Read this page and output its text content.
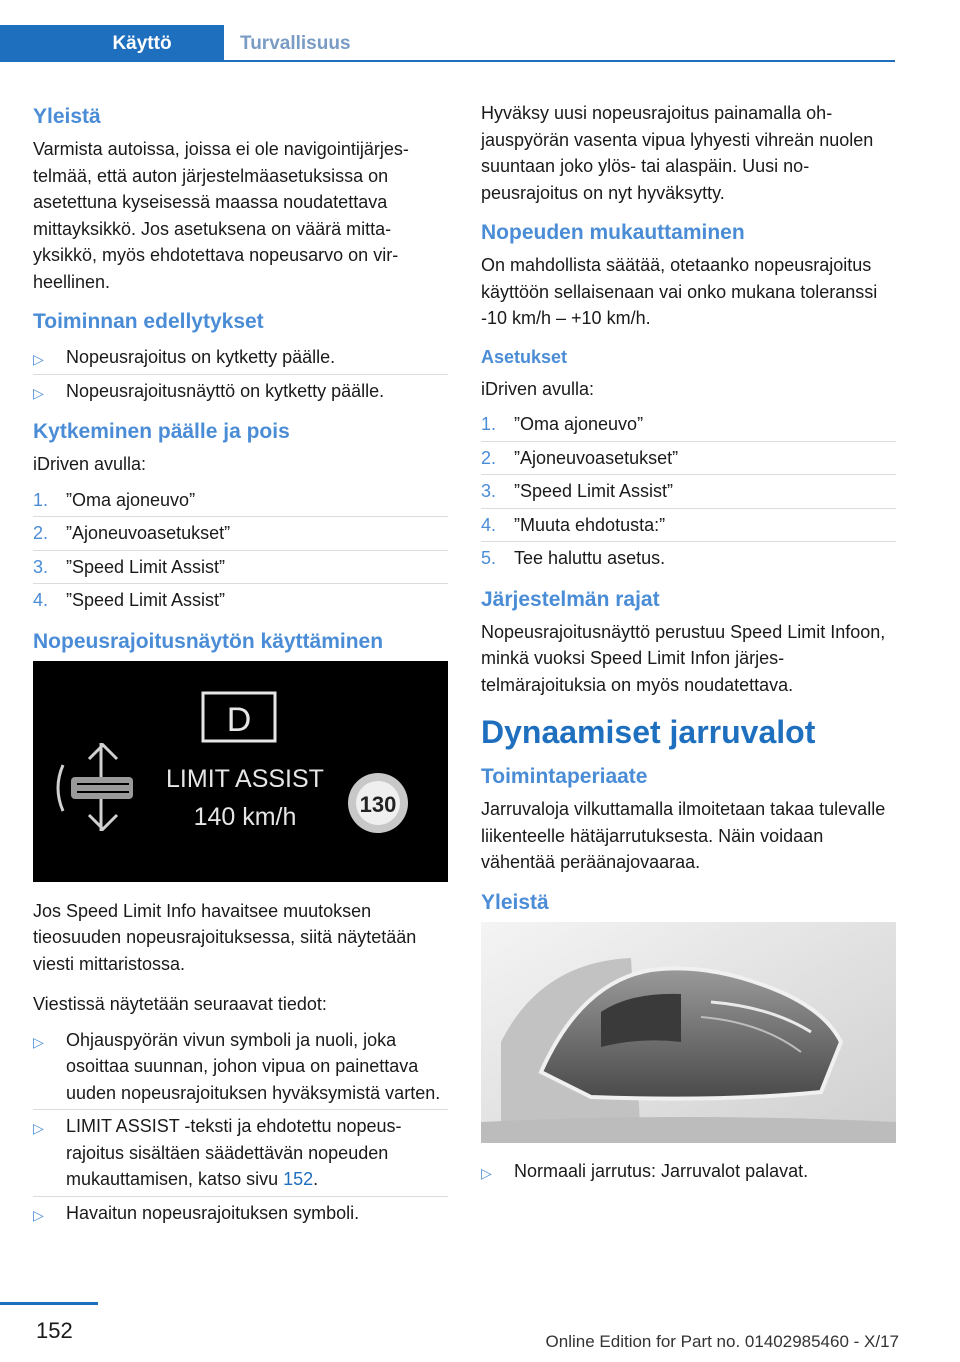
Käyttö	Turvallisuus
Yleistä

Varmista autoissa, joissa ei ole navigointijärjestelmää, että auton järjestelmäasetuksissa on asetettuna kyseisessä maassa noudatettava mittayksikkö. Jos asetuksena on väärä mittayksikkö, myös ehdotettava nopeusarvo on virheellinen.

Toiminnan edellytykset
▷ Nopeusrajoitus on kytketty päälle.
▷ Nopeusrajoitusnäyttö on kytketty päälle.
Kytkeminen päälle ja pois

iDriven avulla:

1. ”Oma ajoneuvo”
2. ”Ajoneuvoasetukset”
3. ”Speed Limit Assist”
4. ”Speed Limit Assist”
Nopeusrajoitusnäytön käyttäminen
D
LIMIT ASSIST
140 km/h	130

Jos Speed Limit Info havaitsee muutoksen tieosuuden nopeusrajoituksessa, siitä näytetään viesti mittaristossa.

Viestissä näytetään seuraavat tiedot:

▷ Ohjauspyörän vivun symboli ja nuoli, joka osoittaa suunnan, johon vipua on painettava uuden nopeusrajoituksen hyväksymistä varten.
▷ LIMIT ASSIST -teksti ja ehdotettu nopeusrajoitus sisältäen säädettävän nopeuden mukauttamisen, katso sivu 152.
▷ Havaitun nopeusrajoituksen symboli.

Hyväksy uusi nopeusrajoitus painamalla ohjauspyörän vasenta vipua lyhyesti vihreän nuolen suuntaan joko ylös- tai alaspäin. Uusi nopeusrajoitus on nyt hyväksytty.

Nopeuden mukauttaminen

On mahdollista säätää, otetaanko nopeusrajoitus käyttöön sellaisenaan vai onko mukana toleranssi -10 km/h – +10 km/h.

Asetukset

iDriven avulla:

1. ”Oma ajoneuvo”
2. ”Ajoneuvoasetukset”
3. ”Speed Limit Assist”
4. ”Muuta ehdotusta:”
5. Tee haluttu asetus.
Järjestelmän rajat

Nopeusrajoitusnäyttö perustuu Speed Limit Infoon, minkä vuoksi Speed Limit Infon järjestelmärajoituksia on myös noudatettava.

Dynaamiset jarruvalot
Toimintaperiaate

Jarruvaloja vilkuttamalla ilmoitetaan takaa tulevalle liikenteelle hätäjarrutuksesta. Näin voidaan vähentää peräänajovaaraa.

Yleistä
▷ Normaali jarrutus: Jarruvalot palavat.
152	Online Edition for Part no. 01402985460 - X/17
